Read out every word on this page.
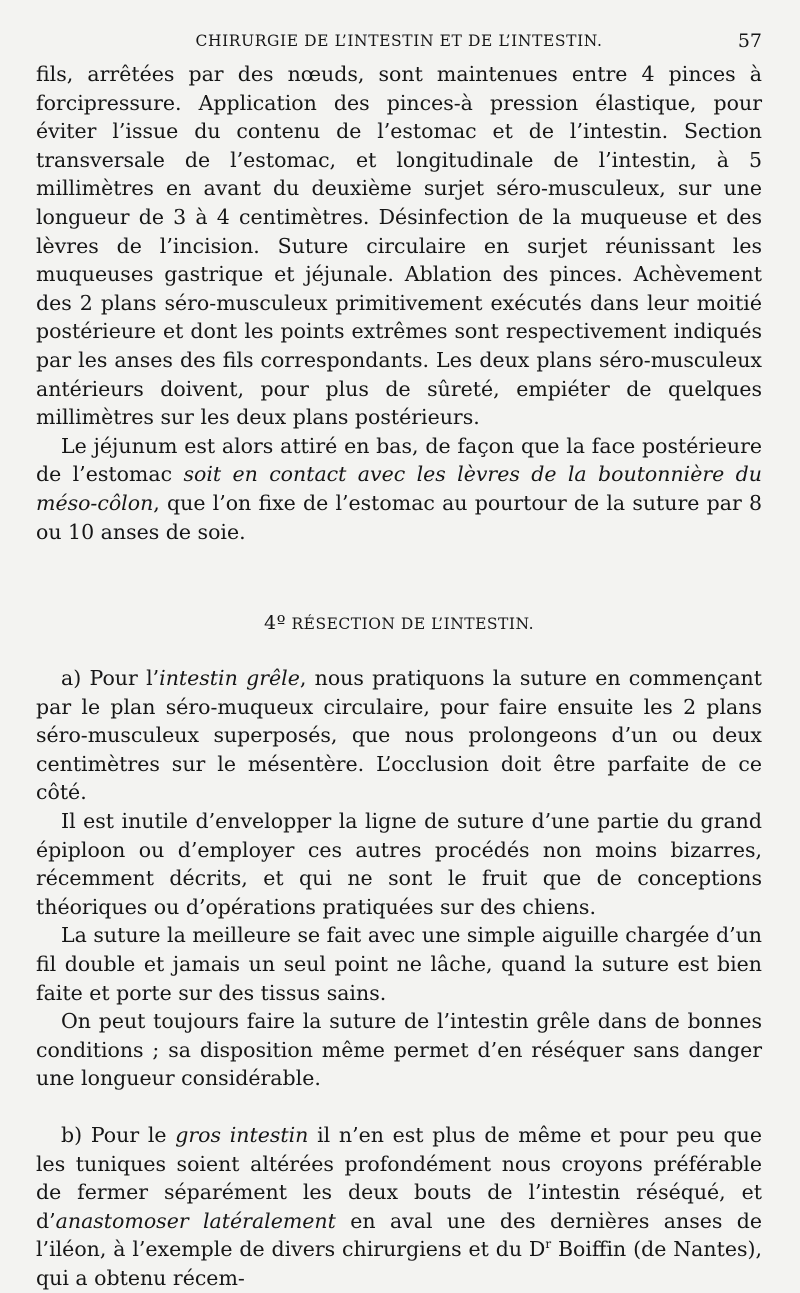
CHIRURGIE DE L’INTESTIN ET DE L’INTESTIN.	57

fils, arrêtées par des nœuds, sont maintenues entre 4 pinces à forcipressure. Application des pinces-à pression élastique, pour éviter l’issue du contenu de l’estomac et de l’intestin. Section transversale de l’estomac, et longitudinale de l’intestin, à 5 millimètres en avant du deuxième surjet séro-musculeux, sur une longueur de 3 à 4 centimètres. Désinfection de la muqueuse et des lèvres de l’incision. Suture circulaire en surjet réunissant les muqueuses gastrique et jéjunale. Ablation des pinces. Achèvement des 2 plans séro-musculeux primitivement exécutés dans leur moitié postérieure et dont les points extrêmes sont respectivement indiqués par les anses des fils correspondants. Les deux plans séro-musculeux antérieurs doivent, pour plus de sûreté, empiéter de quelques millimètres sur les deux plans postérieurs.

Le jéjunum est alors attiré en bas, de façon que la face postérieure de l’estomac soit en contact avec les lèvres de la boutonnière du méso-côlon, que l’on fixe de l’estomac au pourtour de la suture par 8 ou 10 anses de soie.

4º RÉSECTION DE L’INTESTIN.

a) Pour l’intestin grêle, nous pratiquons la suture en commençant par le plan séro-muqueux circulaire, pour faire ensuite les 2 plans séro-musculeux superposés, que nous prolongeons d’un ou deux centimètres sur le mésentère. L’occlusion doit être parfaite de ce côté.

Il est inutile d’envelopper la ligne de suture d’une partie du grand épiploon ou d’employer ces autres procédés non moins bizarres, récemment décrits, et qui ne sont le fruit que de conceptions théoriques ou d’opérations pratiquées sur des chiens.

La suture la meilleure se fait avec une simple aiguille chargée d’un fil double et jamais un seul point ne lâche, quand la suture est bien faite et porte sur des tissus sains.

On peut toujours faire la suture de l’intestin grêle dans de bonnes conditions ; sa disposition même permet d’en réséquer sans danger une longueur considérable.

b) Pour le gros intestin il n’en est plus de même et pour peu que les tuniques soient altérées profondément nous croyons préférable de fermer séparément les deux bouts de l’intestin réséqué, et d’anastomoser latéralement en aval une des dernières anses de l’iléon, à l’exemple de divers chirurgiens et du $D^r$ Boiffin (de Nantes), qui a obtenu récem-
